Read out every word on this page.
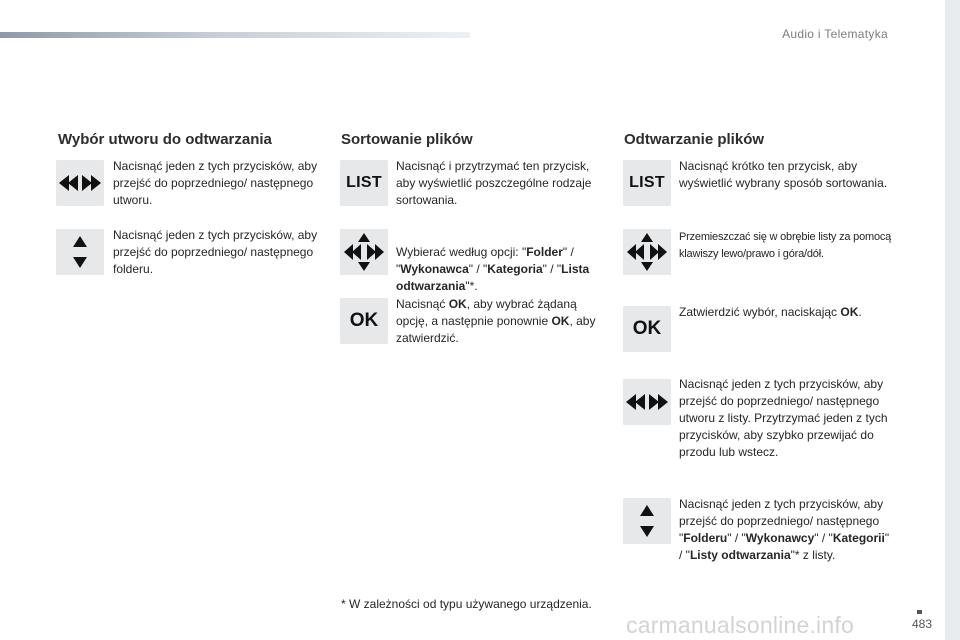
Audio i Telematyka
Wybór utworu do odtwarzania
Nacisnąć jeden z tych przycisków, aby przejść do poprzedniego/ następnego utworu.
Nacisnąć jeden z tych przycisków, aby przejść do poprzedniego/ następnego folderu.
Sortowanie plików
LIST
Nacisnąć i przytrzymać ten przycisk, aby wyświetlić poszczególne rodzaje sortowania.
Wybierać według opcji: "Folder" / "Wykonawca" / "Kategoria" / "Lista odtwarzania"*.
OK
Nacisnąć OK, aby wybrać żądaną opcję, a następnie ponownie OK, aby zatwierdzić.
Odtwarzanie plików
LIST
Nacisnąć krótko ten przycisk, aby wyświetlić wybrany sposób sortowania.
Przemieszczać się w obrębie listy za pomocą klawiszy lewo/prawo i góra/dół.
OK
Zatwierdzić wybór, naciskając OK.
Nacisnąć jeden z tych przycisków, aby przejść do poprzedniego/ następnego utworu z listy. Przytrzymać jeden z tych przycisków, aby szybko przewijać do przodu lub wstecz.
Nacisnąć jeden z tych przycisków, aby przejść do poprzedniego/ następnego "Folderu" / "Wykonawcy" / "Kategorii" / "Listy odtwarzania"* z listy.
* W zależności od typu używanego urządzenia.
carmanualsonline.info	483
